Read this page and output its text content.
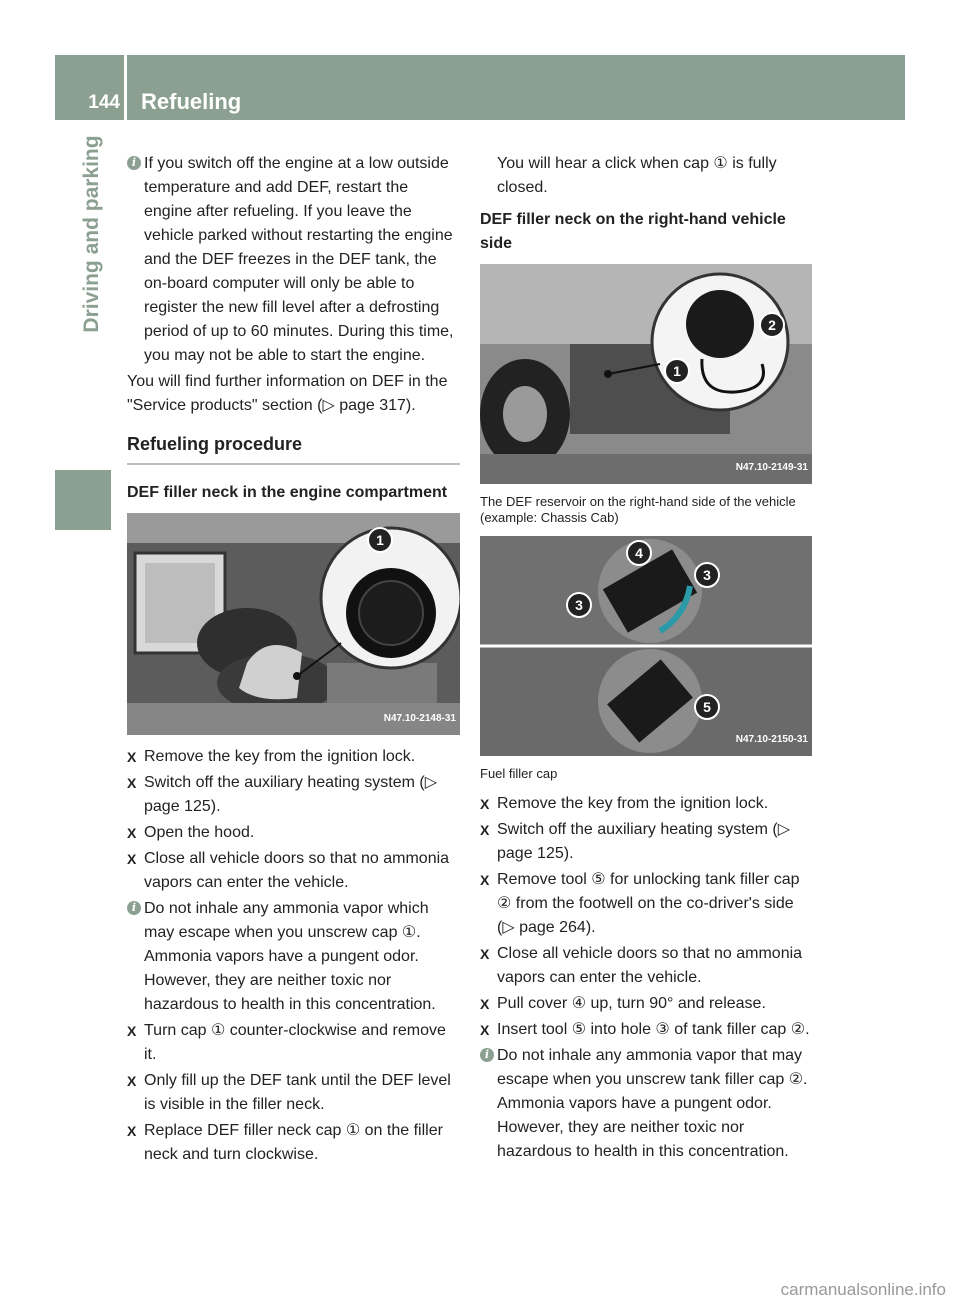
144 Refueling
Driving and parking	i If you switch off the engine at a low outside temperature and add DEF, restart the engine after refueling. If you leave the vehicle parked without restarting the engine and the DEF freezes in the DEF tank, the on-board computer will only be able to register the new fill level after a defrosting period of up to 60 minutes. During this time, you may not be able to start the engine.

You will find further information on DEF in the "Service products" section (▷ page 317).

Refueling procedure

DEF filler neck in the engine compartment

1
N47.10-2148-31

X Remove the key from the ignition lock.

X Switch off the auxiliary heating system (▷ page 125).

X Open the hood.

X Close all vehicle doors so that no ammonia vapors can enter the vehicle.

i Do not inhale any ammonia vapor which may escape when you unscrew cap ①. Ammonia vapors have a pungent odor. However, they are neither toxic nor hazardous to health in this concentration.

X Turn cap ① counter-clockwise and remove it.

X Only fill up the DEF tank until the DEF level is visible in the filler neck.

X Replace DEF filler neck cap ① on the filler neck and turn clockwise.

You will hear a click when cap ① is fully closed.

DEF filler neck on the right-hand vehicle side

2
1
N47.10-2149-31

The DEF reservoir on the right-hand side of the vehicle (example: Chassis Cab)

4
3
3
5
N47.10-2150-31

Fuel filler cap

X Remove the key from the ignition lock.

X Switch off the auxiliary heating system (▷ page 125).

X Remove tool ⑤ for unlocking tank filler cap ② from the footwell on the co-driver's side (▷ page 264).

X Close all vehicle doors so that no ammonia vapors can enter the vehicle.

X Pull cover ④ up, turn 90° and release.

X Insert tool ⑤ into hole ③ of tank filler cap ②.

i Do not inhale any ammonia vapor that may escape when you unscrew tank filler cap ②. Ammonia vapors have a pungent odor. However, they are neither toxic nor hazardous to health in this concentration.

carmanualsonline.info
